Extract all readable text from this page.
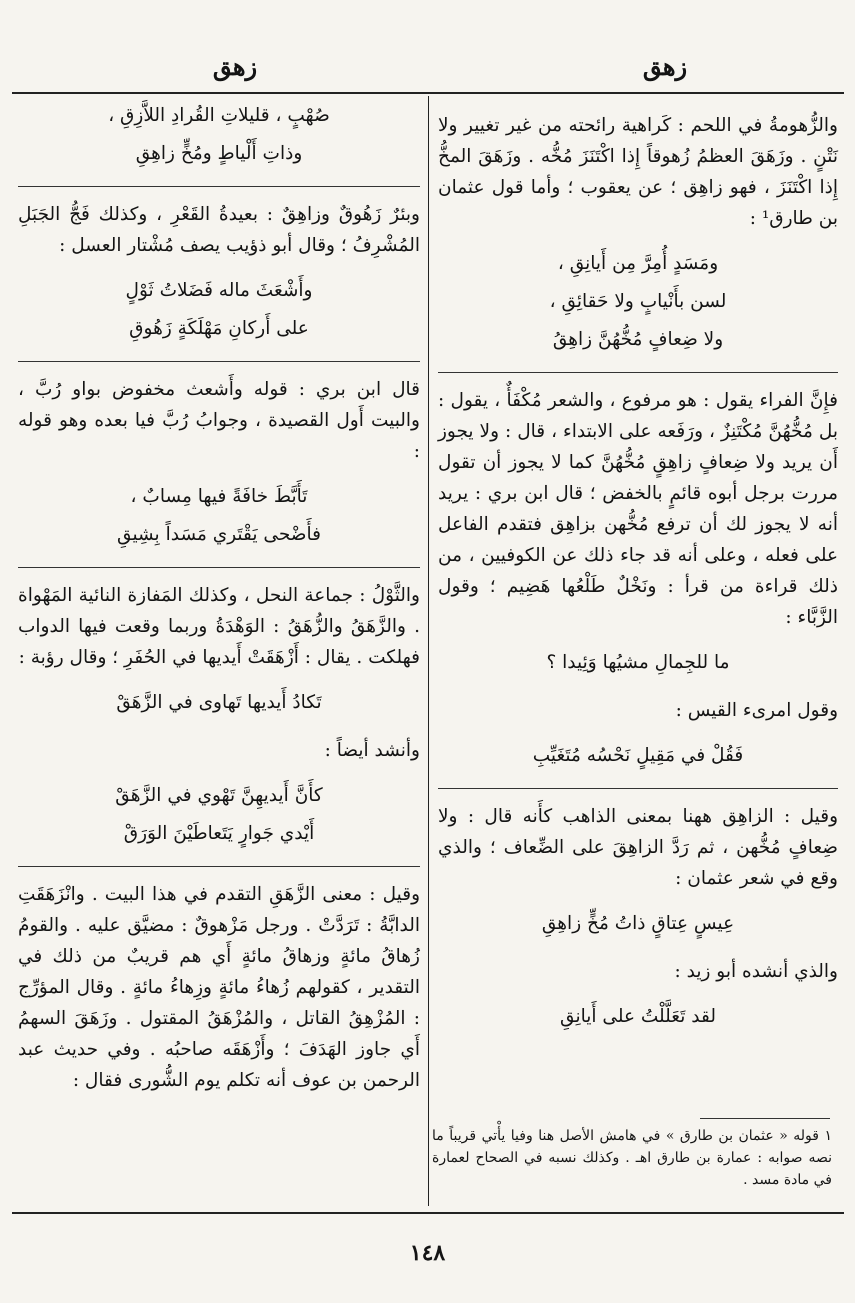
زهق
زهق

والزُّهومةُ في اللحم : كَراهية رائحته من غير تغيير ولا نَتْنٍ . وزَهَقَ العظمُ زُهوقاً إِذا اكْتَنَزَ مُخُّه . وزَهَقَ المخُّ إِذا اكْتَنَزَ ، فهو زاهِق ؛ عن يعقوب ؛ وأما قول عثمان بن طارق¹ :

ومَسَدٍ أُمِرَّ مِن أَيانِقِ ،

لسن بأَنْيابٍ ولا حَقائِقِ ،

ولا ضِعافٍ مُخُّهُنَّ زاهِقُ

فإِنَّ الفراء يقول : هو مرفوع ، والشعر مُكْفَأٌ ، يقول : بل مُخُّهُنَّ مُكْتَنِزٌ ، ورَفَعه على الابتداء ، قال : ولا يجوز أَن يريد ولا ضِعافٍ زاهِقٍ مُخُّهُنَّ كما لا يجوز أن تقول مررت برجل أبوه قائمٍ بالخفض ؛ قال ابن بري : يريد أنه لا يجوز لك أن ترفع مُخُّهن بزاهِق فتقدم الفاعل على فعله ، وعلى أنه قد جاء ذلك عن الكوفيين ، من ذلك قراءة من قرأ : ونَخْلٌ طَلْعُها هَضِيم ؛ وقول الزَّبَّاء :

ما للجِمالِ مشيُها وَئِيدا ؟

وقول امرىء القيس :

فَقُلْ في مَقِيلٍ نَحْسُه مُتَغَيِّبِ

وقيل : الزاهِق ههنا بمعنى الذاهب كأَنه قال : ولا ضِعافٍ مُخُّهن ، ثم رَدَّ الزاهِقَ على الضِّعاف ؛ والذي وقع في شعر عثمان :

عِيسٍ عِتاقٍ ذاتُ مُخٍّ زاهِقِ

والذي أنشده أبو زيد :

لقد تَعَلَّلْتُ على أَيانِقِ

١ قوله « عثمان بن طارق » في هامش الأصل هنا وفيا يأْتي قريباً ما نصه صوابه : عمارة بن طارق اهـ . وكذلك نسبه في الصحاح لعمارة في مادة مسد .

صُهْبٍ ، قليلاتِ القُرادِ اللاَّزِقِ ،

وذاتِ أَلْياطٍ ومُخٍّ زاهِقِ

وبئرٌ زَهُوقٌ وزاهِقٌ : بعيدةُ القَعْرِ ، وكذلك فَجُّ الجَبَلِ المُشْرِفُ ؛ وقال أبو ذؤيب يصف مُشْتار العسل :

وأَشْعَثَ ماله فَضَلاتُ ثَوْلٍ

على أَركانِ مَهْلَكَةٍ زَهُوقِ

قال ابن بري : قوله وأَشعث مخفوض بواو رُبَّ ، والبيت أَول القصيدة ، وجوابُ رُبَّ فيا بعده وهو قوله :

تَأَبَّطَ خافَةً فيها مِسابٌ ،

فأَضْحى يَقْتَري مَسَداً بِشِيقِ

والثَّوْلُ : جماعة النحل ، وكذلك المَفازة النائية المَهْواة . والزَّهَقُ والزُّهَقُ : الوَهْدَةُ وربما وقعت فيها الدواب فهلكت . يقال : أَزْهَقَتْ أَيديها في الحُفَرِ ؛ وقال رؤبة :

تَكادُ أَيديها تَهاوى في الزَّهَقْ

وأنشد أيضاً :

كأَنَّ أَيديهِنَّ تَهْوي في الزَّهَقْ

أَيْدي جَوارٍ يَتَعاطَيْنَ الوَرَقْ

وقيل : معنى الزَّهَقِ التقدم في هذا البيت . وانْزَهَقَتِ الدابَّةُ : تَرَدَّتْ . ورجل مَزْهوقٌ : مضيَّق عليه . والقومُ زُهاقُ مائةٍ وزهاقُ مائةٍ أَي هم قريبٌ من ذلك في التقدير ، كقولهم زُهاءُ مائةٍ وزِهاءُ مائةٍ . وقال المؤرِّج : المُزْهِقُ القاتل ، والمُزْهَقُ المقتول . وزَهَقَ السهمُ أَي جاوز الهَدَفَ ؛ وأَزْهَقَه صاحبُه . وفي حديث عبد الرحمن بن عوف أنه تكلم يوم الشُّورى فقال :

١٤٨
